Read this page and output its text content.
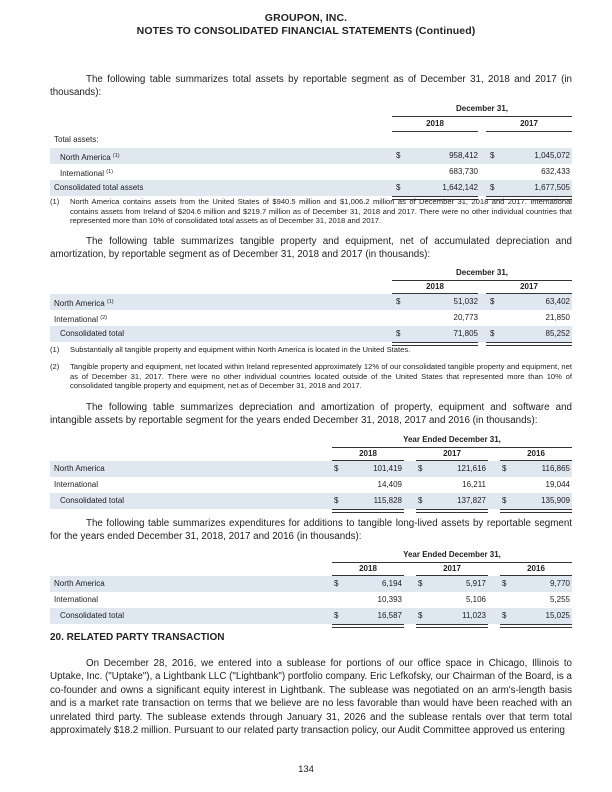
GROUPON, INC.
NOTES TO CONSOLIDATED FINANCIAL STATEMENTS (Continued)
The following table summarizes total assets by reportable segment as of December 31, 2018 and 2017 (in thousands):
December 31,
2018	2017
Total assets:
North America $^{(1)}$	$	958,412 $	1,045,072
International $^{(1)}$	683,730	632,433
Consolidated total assets	$	1,642,142 $	1,677,505
(1) North America contains assets from the United States of $940.5 million and $1,006.2 million as of December 31, 2018 and 2017. International contains assets from Ireland of $204.6 million and $219.7 million as of December 31, 2018 and 2017. There were no other individual countries that represented more than 10% of consolidated total assets as of December 31, 2018 and 2017.
The following table summarizes tangible property and equipment, net of accumulated depreciation and amortization, by reportable segment as of December 31, 2018 and 2017 (in thousands):
December 31,
2018	2017
North America $^{(1)}$	$	51,032 $	63,402
International $^{(2)}$	20,773	21,850
Consolidated total	$	71,805 $	85,252
(1) Substantially all tangible property and equipment within North America is located in the United States.
(2) Tangible property and equipment, net located within Ireland represented approximately 12% of our consolidated tangible property and equipment, net as of December 31, 2017. There were no other individual countries located outside of the United States that represented more than 10% of consolidated tangible property and equipment, net as of December 31, 2018 and 2017.
The following table summarizes depreciation and amortization of property, equipment and software and intangible assets by reportable segment for the years ended December 31, 2018, 2017 and 2016 (in thousands):
Year Ended December 31,
2018	2017	2016
North America	$	101,419 $	121,616 $	116,865
International	14,409	16,211	19,044
Consolidated total	$	115,828 $	137,827 $	135,909
The following table summarizes expenditures for additions to tangible long-lived assets by reportable segment for the years ended December 31, 2018, 2017 and 2016 (in thousands):
Year Ended December 31,
2018	2017	2016
North America	$	6,194 $	5,917 $	9,770
International	10,393	5,106	5,255
Consolidated total	$	16,587 $	11,023 $	15,025
20. RELATED PARTY TRANSACTION
On December 28, 2016, we entered into a sublease for portions of our office space in Chicago, Illinois to Uptake, Inc. ("Uptake"), a Lightbank LLC ("Lightbank") portfolio company. Eric Lefkofsky, our Chairman of the Board, is a co-founder and owns a significant equity interest in Lightbank. The sublease was negotiated on an arm's-length basis and is a market rate transaction on terms that we believe are no less favorable than would have been reached with an unrelated third party. The sublease extends through January 31, 2026 and the sublease rentals over that term total approximately $18.2 million. Pursuant to our related party transaction policy, our Audit Committee approved us entering
134
